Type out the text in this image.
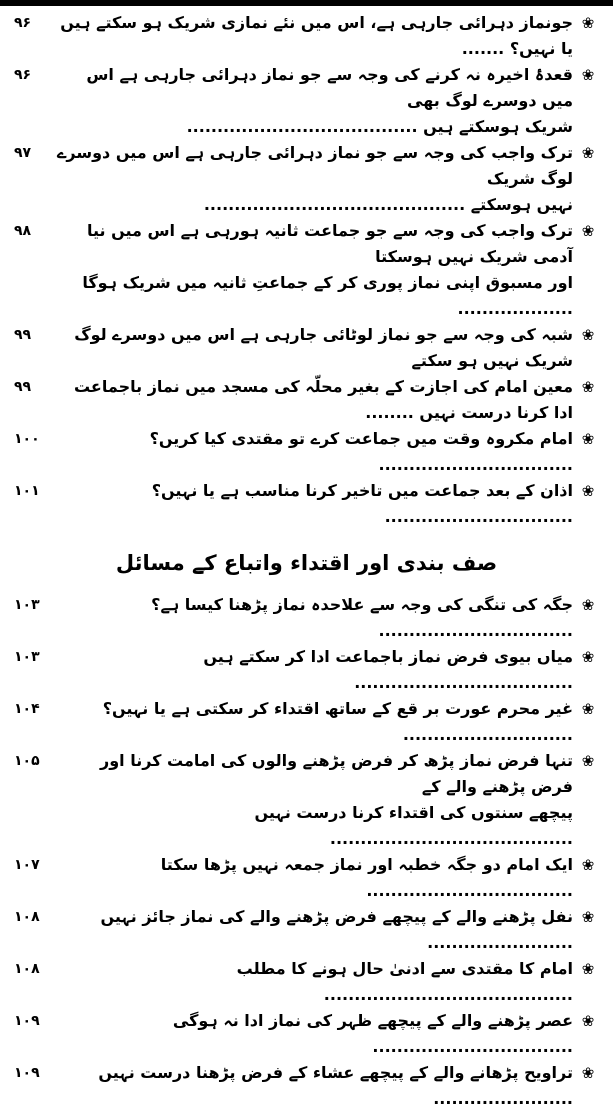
۹۶	جونماز دہرائی جارہی ہے، اس میں نئے نمازی شریک ہو سکتے ہیں یا نہیں؟ .......
❀
۹۶	قعدۂ اخیرہ نہ کرنے کی وجہ سے جو نماز دہرائی جارہی ہے اس میں دوسرے لوگ بھی
شریک ہوسکتے ہیں ......................................
❀
۹۷	ترک واجب کی وجہ سے جو نماز دہرائی جارہی ہے اس میں دوسرے لوگ شریک
نہیں ہوسکتے ...........................................
❀
۹۸	ترک واجب کی وجہ سے جو جماعت ثانیہ ہورہی ہے اس میں نیا آدمی شریک نہیں ہوسکتا
اور مسبوق اپنی نماز پوری کر کے جماعتِ ثانیہ میں شریک ہوگا ...................
❀
۹۹	شبہ کی وجہ سے جو نماز لوٹائی جارہی ہے اس میں دوسرے لوگ شریک نہیں ہو سکتے
❀
۹۹	معین امام کی اجازت کے بغیر محلّہ کی مسجد میں نماز باجماعت ادا کرنا درست نہیں ........
❀
۱۰۰	امام مکروہ وقت میں جماعت کرے تو مقتدی کیا کریں؟ ................................
❀
۱۰۱	اذان کے بعد جماعت میں تاخیر کرنا مناسب ہے یا نہیں؟ ...............................
❀
صف بندی اور اقتداء واتباع کے مسائل
۱۰۳	جگہ کی تنگی کی وجہ سے علاحدہ نماز پڑھنا کیسا ہے؟ ................................
❀
۱۰۳	میاں بیوی فرض نماز باجماعت ادا کر سکتے ہیں ....................................
❀
۱۰۴	غیر محرم عورت بر قع کے ساتھ اقتداء کر سکتی ہے یا نہیں؟ ............................
❀
۱۰۵	تنہا فرض نماز پڑھ کر فرض پڑھنے والوں کی امامت کرنا اور فرض پڑھنے والے کے
پیچھے سنتوں کی اقتداء کرنا درست نہیں ........................................
❀
۱۰۷	ایک امام دو جگہ خطبہ اور نماز جمعہ نہیں پڑھا سکتا ..................................
❀
۱۰۸	نفل پڑھنے والے کے پیچھے فرض پڑھنے والے کی نماز جائز نہیں ........................
❀
۱۰۸	امام کا مقتدی سے ادنیٰ حال ہونے کا مطلب .........................................
❀
۱۰۹	عصر پڑھنے والے کے پیچھے ظہر کی نماز ادا نہ ہوگی .................................
❀
۱۰۹	تراویح پڑھانے والے کے پیچھے عشاء کے فرض پڑھنا درست نہیں .......................
❀
